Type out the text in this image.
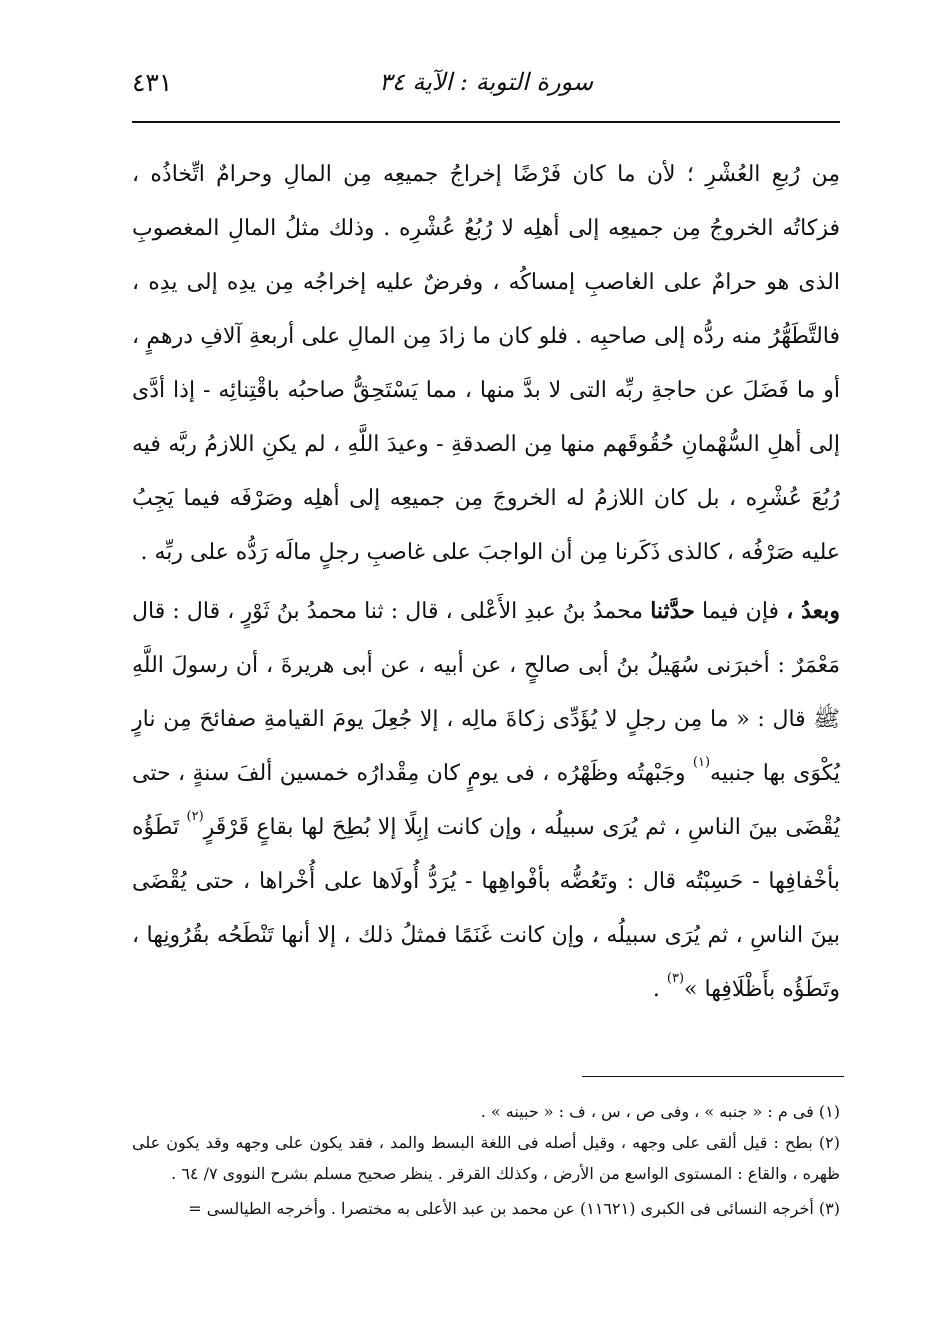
٤٣١	سورة التوبة : الآية ٣٤

مِن رُبعِ العُشْرِ ؛ لأن ما كان فَرْضًا إخراجُ جميعِه مِن المالِ وحرامٌ اتِّخاذُه ، فزكاتُه الخروجُ مِن جميعِه إلى أهلِه لا رُبُعُ عُشْرِه . وذلك مثلُ المالِ المغصوبِ الذى هو حرامٌ على الغاصبِ إمساكُه ، وفرضٌ عليه إخراجُه مِن يدِه إلى يدِه ، فالتَّطَهُّرُ منه ردُّه إلى صاحبِه . فلو كان ما زادَ مِن المالِ على أربعةِ آلافِ درهمٍ ، أو ما فَضَلَ عن حاجةِ ربِّه التى لا بدَّ منها ، مما يَسْتَحِقُّ صاحبُه باقْتِنائِه - إذا أدَّى إلى أهلِ السُّهْمانِ حُقُوقَهم منها مِن الصدقةِ - وعيدَ اللَّهِ ، لم يكنِ اللازمُ ربَّه فيه رُبُعَ عُشْرِه ، بل كان اللازمُ له الخروجَ مِن جميعِه إلى أهلِه وصَرْفَه فيما يَجِبُ عليه صَرْفُه ، كالذى ذَكَرنا مِن أن الواجبَ على غاصبِ رجلٍ مالَه رَدُّه على ربِّه .

وبعدُ ، فإن فيما حدَّثنا محمدُ بنُ عبدِ الأَعْلى ، قال : ثنا محمدُ بنُ ثَوْرٍ ، قال : قال مَعْمَرٌ : أخبرَنى سُهَيلُ بنُ أبى صالحٍ ، عن أبيه ، عن أبى هريرةَ ، أن رسولَ اللَّهِ ﷺ قال : « ما مِن رجلٍ لا يُؤَدِّى زكاةَ مالِه ، إلا جُعِلَ يومَ القيامةِ صفائحَ مِن نارٍ يُكْوَى بها جنبيه$^{(١)}$ وجَبْهتُه وظَهْرُه ، فى يومٍ كان مِقْدارُه خمسين ألفَ سنةٍ ، حتى يُقْضَى بينَ الناسِ ، ثم يُرَى سبيلُه ، وإن كانت إبِلًا إلا بُطِحَ لها بقاعٍ قَرْقَرٍ$^{(٢)}$ تَطَؤُه بأخْفافِها - حَسِبْتُه قال : وتَعُضُّه بأفْواهِها - يُرَدُّ أُولَاها على أُخْراها ، حتى يُقْضَى بينَ الناسِ ، ثم يُرَى سبيلُه ، وإن كانت غَنَمًا فمثلُ ذلك ، إلا أنها تَنْطَحُه بقُرُونِها ، وتَطَؤُه بأَظْلَافِها »$^{(٣)}$ .

(١) فى م : « جنبه » ، وفى ص ، س ، ف : « حبينه » .

(٢) بطح : قيل ألقى على وجهه ، وقيل أصله فى اللغة البسط والمد ، فقد يكون على وجهه وقد يكون على ظهره ، والقاع : المستوى الواسع من الأرض ، وكذلك القرقر . ينظر صحيح مسلم بشرح النووى ٧/ ٦٤ .

(٣) أخرجه النسائى فى الكبرى (١١٦٢١) عن محمد بن عبد الأعلى به مختصرا . وأخرجه الطيالسى =
